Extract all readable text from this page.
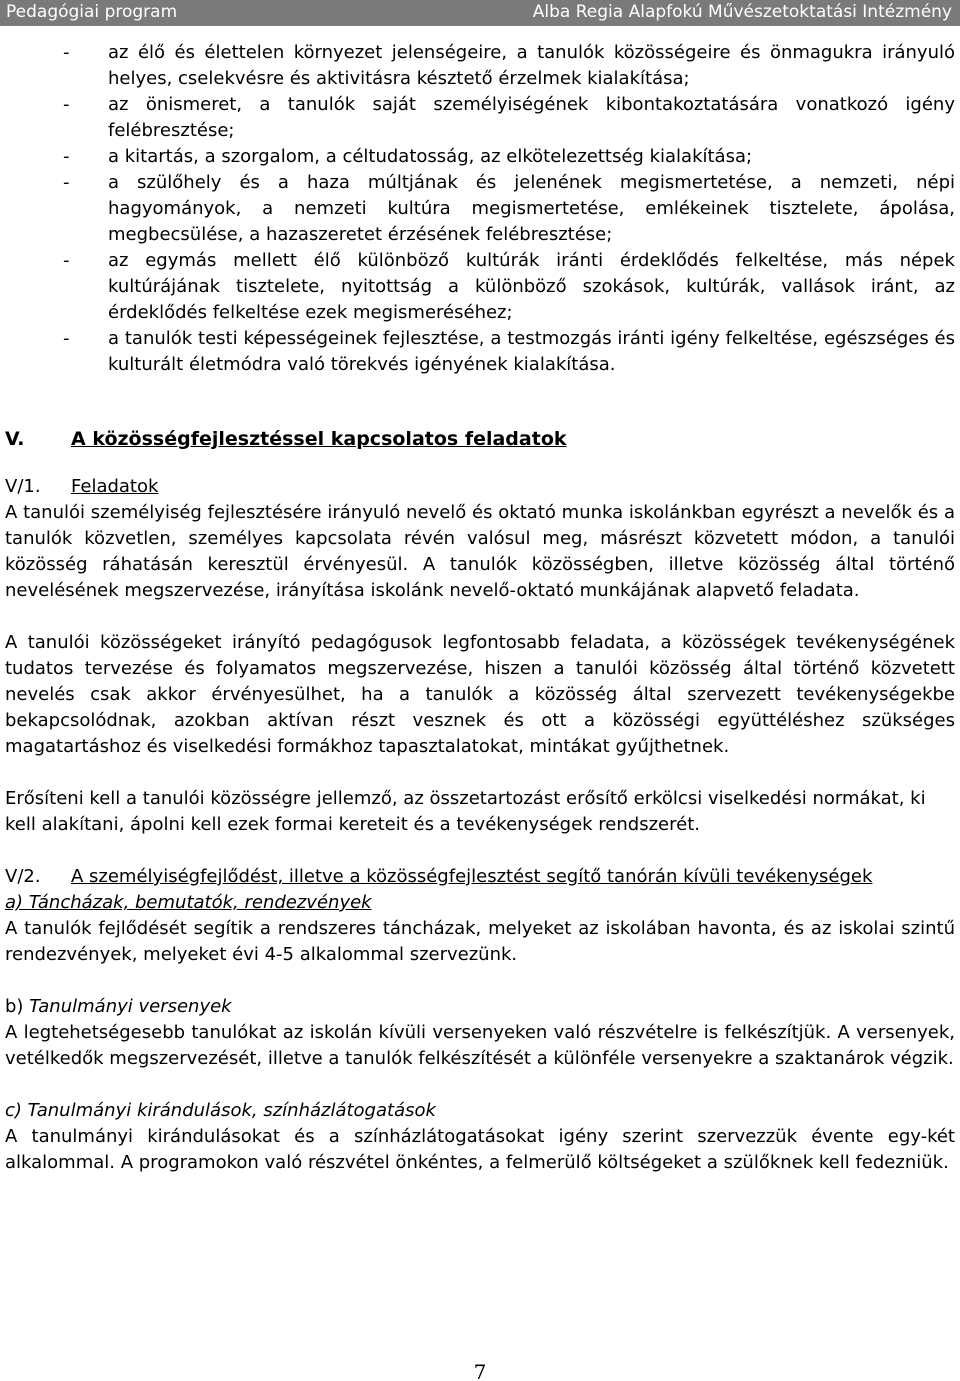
Pedagógiai program	Alba Regia Alapfokú Művészetoktatási Intézmény
- az élő és élettelen környezet jelenségeire, a tanulók közösségeire és önmagukra irányuló helyes, cselekvésre és aktivitásra késztető érzelmek kialakítása;
- az önismeret, a tanulók saját személyiségének kibontakoztatására vonatkozó igény felébresztése;
- a kitartás, a szorgalom, a céltudatosság, az elkötelezettség kialakítása;
- a szülőhely és a haza múltjának és jelenének megismertetése, a nemzeti, népi hagyományok, a nemzeti kultúra megismertetése, emlékeinek tisztelete, ápolása, megbecsülése, a hazaszeretet érzésének felébresztése;
- az egymás mellett élő különböző kultúrák iránti érdeklődés felkeltése, más népek kultúrájának tisztelete, nyitottság a különböző szokások, kultúrák, vallások iránt, az érdeklődés felkeltése ezek megismeréséhez;
- a tanulók testi képességeinek fejlesztése, a testmozgás iránti igény felkeltése, egészséges és kulturált életmódra való törekvés igényének kialakítása.
V. A közösségfejlesztéssel kapcsolatos feladatok
V/1. Feladatok

A tanulói személyiség fejlesztésére irányuló nevelő és oktató munka iskolánkban egyrészt a nevelők és a tanulók közvetlen, személyes kapcsolata révén valósul meg, másrészt közvetett módon, a tanulói közösség ráhatásán keresztül érvényesül. A tanulók közösségben, illetve közösség által történő nevelésének megszervezése, irányítása iskolánk nevelő-oktató munkájának alapvető feladata.

A tanulói közösségeket irányító pedagógusok legfontosabb feladata, a közösségek tevékenységének tudatos tervezése és folyamatos megszervezése, hiszen a tanulói közösség által történő közvetett nevelés csak akkor érvényesülhet, ha a tanulók a közösség által szervezett tevékenységekbe bekapcsolódnak, azokban aktívan részt vesznek és ott a közösségi együttéléshez szükséges magatartáshoz és viselkedési formákhoz tapasztalatokat, mintákat gyűjthetnek.

Erősíteni kell a tanulói közösségre jellemző, az összetartozást erősítő erkölcsi viselkedési normákat, ki kell alakítani, ápolni kell ezek formai kereteit és a tevékenységek rendszerét.

V/2. A személyiségfejlődést, illetve a közösségfejlesztést segítő tanórán kívüli tevékenységek

a) Táncházak, bemutatók, rendezvények

A tanulók fejlődését segítik a rendszeres táncházak, melyeket az iskolában havonta, és az iskolai szintű rendezvények, melyeket évi 4-5 alkalommal szervezünk.

b) Tanulmányi versenyek

A legtehetségesebb tanulókat az iskolán kívüli versenyeken való részvételre is felkészítjük. A versenyek, vetélkedők megszervezését, illetve a tanulók felkészítését a különféle versenyekre a szaktanárok végzik.

c) Tanulmányi kirándulások, színházlátogatások

A tanulmányi kirándulásokat és a színházlátogatásokat igény szerint szervezzük évente egy-két alkalommal. A programokon való részvétel önkéntes, a felmerülő költségeket a szülőknek kell fedezniük.

7
